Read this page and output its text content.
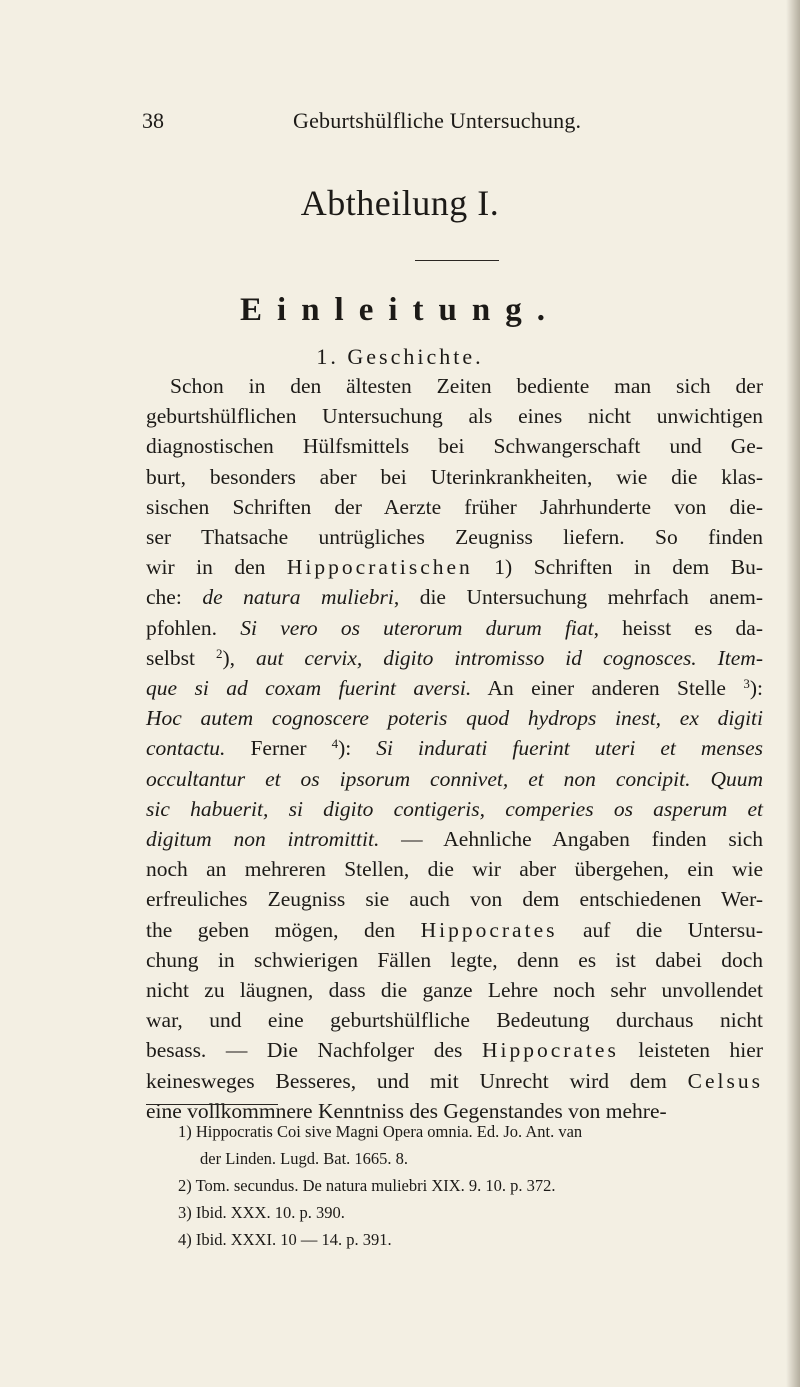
38	Geburtshülfliche Untersuchung.
Abtheilung I.
Einleitung.
1. Geschichte.
Schon in den ältesten Zeiten bediente man sich der
geburtshülflichen Untersuchung als eines nicht unwichtigen
diagnostischen Hülfsmittels bei Schwangerschaft und Ge-
burt, besonders aber bei Uterinkrankheiten, wie die klas-
sischen Schriften der Aerzte früher Jahrhunderte von die-
ser Thatsache untrügliches Zeugniss liefern. So finden
wir in den Hippocratischen 1) Schriften in dem Bu-
che: de natura muliebri, die Untersuchung mehrfach anem-
pfohlen. Si vero os uterorum durum fiat, heisst es da-
selbst $^2$), aut cervix, digito intromisso id cognosces. Item-
que si ad coxam fuerint aversi. An einer anderen Stelle $^3$):
Hoc autem cognoscere poteris quod hydrops inest, ex digiti
contactu. Ferner $^4$): Si indurati fuerint uteri et menses
occultantur et os ipsorum connivet, et non concipit. Quum
sic habuerit, si digito contigeris, comperies os asperum et
digitum non intromittit. — Aehnliche Angaben finden sich
noch an mehreren Stellen, die wir aber übergehen, ein wie
erfreuliches Zeugniss sie auch von dem entschiedenen Wer-
the geben mögen, den Hippocrates auf die Untersu-
chung in schwierigen Fällen legte, denn es ist dabei doch
nicht zu läugnen, dass die ganze Lehre noch sehr unvollendet
war, und eine geburtshülfliche Bedeutung durchaus nicht
besass. — Die Nachfolger des Hippocrates leisteten hier
keinesweges Besseres, und mit Unrecht wird dem Celsus
eine vollkommnere Kenntniss des Gegenstandes von mehre-
1) Hippocratis Coi sive Magni Opera omnia. Ed. Jo. Ant. van
der Linden. Lugd. Bat. 1665. 8.
2) Tom. secundus. De natura muliebri XIX. 9. 10. p. 372.
3) Ibid. XXX. 10. p. 390.
4) Ibid. XXXI. 10 — 14. p. 391.
